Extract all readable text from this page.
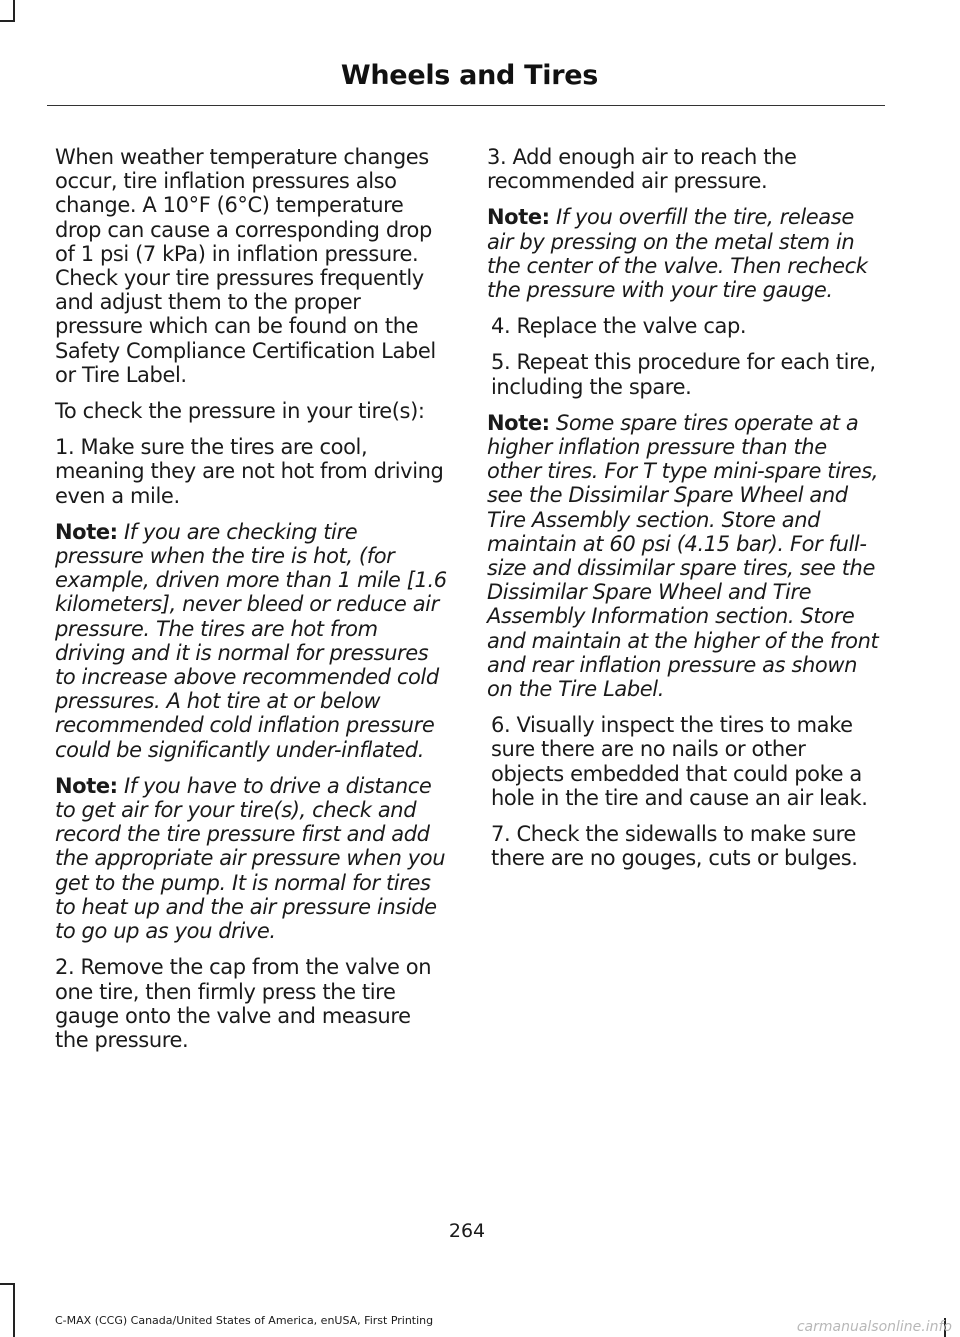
Wheels and Tires

When weather temperature changes occur, tire inflation pressures also change. A 10°F (6°C) temperature drop can cause a corresponding drop of 1 psi (7 kPa) in inflation pressure. Check your tire pressures frequently and adjust them to the proper pressure which can be found on the Safety Compliance Certification Label or Tire Label.

To check the pressure in your tire(s):

1. Make sure the tires are cool, meaning they are not hot from driving even a mile.

Note: If you are checking tire pressure when the tire is hot, (for example, driven more than 1 mile [1.6 kilometers], never bleed or reduce air pressure. The tires are hot from driving and it is normal for pressures to increase above recommended cold pressures. A hot tire at or below recommended cold inflation pressure could be significantly under-inflated.

Note: If you have to drive a distance to get air for your tire(s), check and record the tire pressure first and add the appropriate air pressure when you get to the pump. It is normal for tires to heat up and the air pressure inside to go up as you drive.

2. Remove the cap from the valve on one tire, then firmly press the tire gauge onto the valve and measure the pressure.

3. Add enough air to reach the recommended air pressure.

Note: If you overfill the tire, release air by pressing on the metal stem in the center of the valve. Then recheck the pressure with your tire gauge.

4. Replace the valve cap.

5. Repeat this procedure for each tire, including the spare.

Note: Some spare tires operate at a higher inflation pressure than the other tires. For T type mini-spare tires, see the Dissimilar Spare Wheel and Tire Assembly section. Store and maintain at 60 psi (4.15 bar). For full-size and dissimilar spare tires, see the Dissimilar Spare Wheel and Tire Assembly Information section. Store and maintain at the higher of the front and rear inflation pressure as shown on the Tire Label.

6. Visually inspect the tires to make sure there are no nails or other objects embedded that could poke a hole in the tire and cause an air leak.

7. Check the sidewalls to make sure there are no gouges, cuts or bulges.

264
C-MAX (CCG) Canada/United States of America, enUSA, First Printing	carmanualsonline.info
